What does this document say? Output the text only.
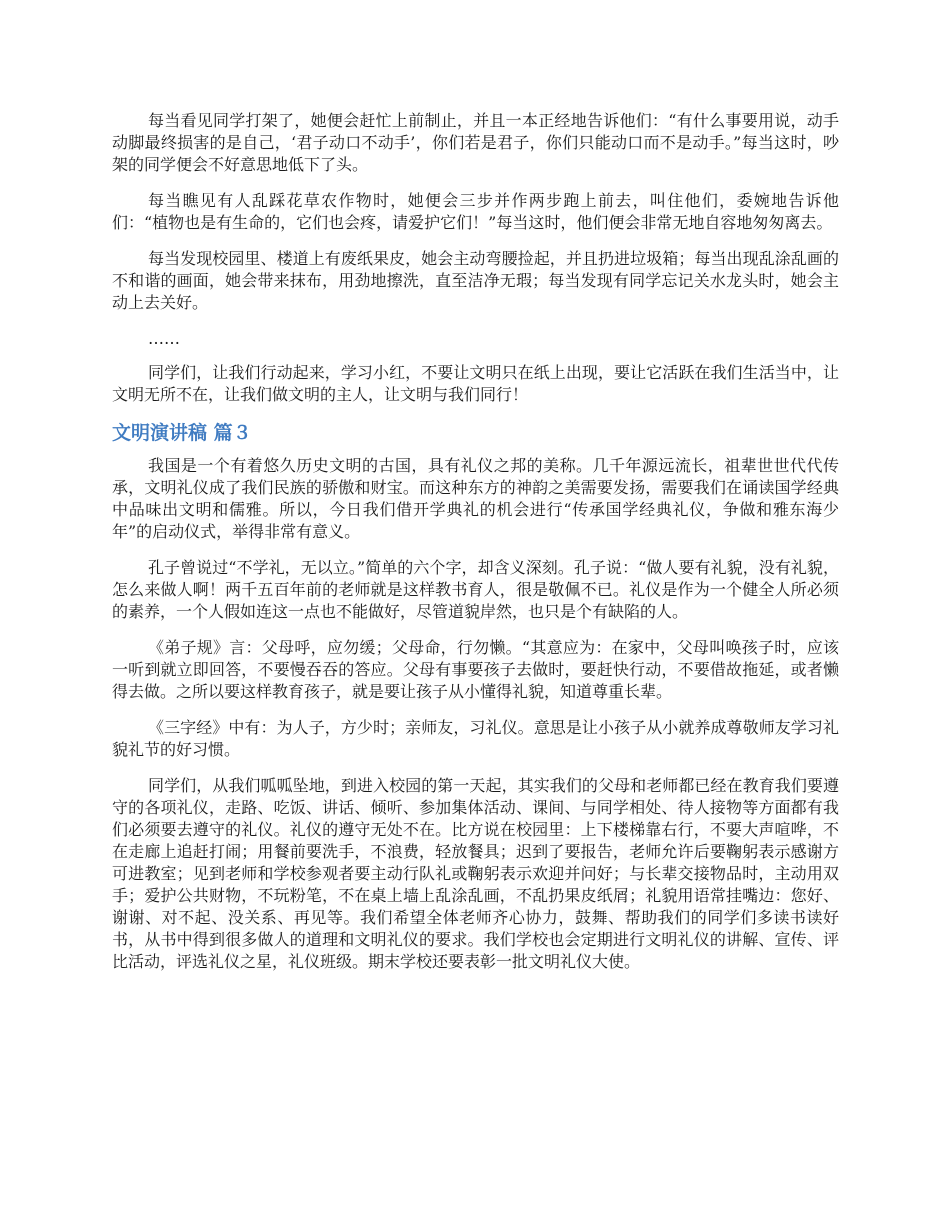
每当看见同学打架了，她便会赶忙上前制止，并且一本正经地告诉他们：“有什么事要用说，动手动脚最终损害的是自己，‘君子动口不动手’，你们若是君子，你们只能动口而不是动手。”每当这时，吵架的同学便会不好意思地低下了头。

每当瞧见有人乱踩花草农作物时，她便会三步并作两步跑上前去，叫住他们，委婉地告诉他们：“植物也是有生命的，它们也会疼，请爱护它们！”每当这时，他们便会非常无地自容地匆匆离去。

每当发现校园里、楼道上有废纸果皮，她会主动弯腰捡起，并且扔进垃圾箱；每当出现乱涂乱画的不和谐的画面，她会带来抹布，用劲地擦洗，直至洁净无瑕；每当发现有同学忘记关水龙头时，她会主动上去关好。

……

同学们，让我们行动起来，学习小红，不要让文明只在纸上出现，要让它活跃在我们生活当中，让文明无所不在，让我们做文明的主人，让文明与我们同行！

文明演讲稿 篇３

我国是一个有着悠久历史文明的古国，具有礼仪之邦的美称。几千年源远流长，祖辈世世代代传承，文明礼仪成了我们民族的骄傲和财宝。而这种东方的神韵之美需要发扬，需要我们在诵读国学经典中品味出文明和儒雅。所以，今日我们借开学典礼的机会进行“传承国学经典礼仪，争做和雅东海少年”的启动仪式，举得非常有意义。

孔子曾说过“不学礼，无以立。”简单的六个字，却含义深刻。孔子说：“做人要有礼貌，没有礼貌，怎么来做人啊！两千五百年前的老师就是这样教书育人，很是敬佩不已。礼仪是作为一个健全人所必须的素养，一个人假如连这一点也不能做好，尽管道貌岸然，也只是个有缺陷的人。

《弟子规》言：父母呼，应勿缓；父母命，行勿懒。“其意应为：在家中，父母叫唤孩子时，应该一听到就立即回答，不要慢吞吞的答应。父母有事要孩子去做时，要赶快行动，不要借故拖延，或者懒得去做。之所以要这样教育孩子，就是要让孩子从小懂得礼貌，知道尊重长辈。

《三字经》中有：为人子，方少时；亲师友，习礼仪。意思是让小孩子从小就养成尊敬师友学习礼貌礼节的好习惯。

同学们，从我们呱呱坠地，到进入校园的第一天起，其实我们的父母和老师都已经在教育我们要遵守的各项礼仪，走路、吃饭、讲话、倾听、参加集体活动、课间、与同学相处、待人接物等方面都有我们必须要去遵守的礼仪。礼仪的遵守无处不在。比方说在校园里：上下楼梯靠右行，不要大声喧哗，不在走廊上追赶打闹；用餐前要洗手，不浪费，轻放餐具；迟到了要报告，老师允许后要鞠躬表示感谢方可进教室；见到老师和学校参观者要主动行队礼或鞠躬表示欢迎并问好；与长辈交接物品时，主动用双手；爱护公共财物，不玩粉笔，不在桌上墙上乱涂乱画，不乱扔果皮纸屑；礼貌用语常挂嘴边：您好、谢谢、对不起、没关系、再见等。我们希望全体老师齐心协力，鼓舞、帮助我们的同学们多读书读好书，从书中得到很多做人的道理和文明礼仪的要求。我们学校也会定期进行文明礼仪的讲解、宣传、评比活动，评选礼仪之星，礼仪班级。期末学校还要表彰一批文明礼仪大使。
